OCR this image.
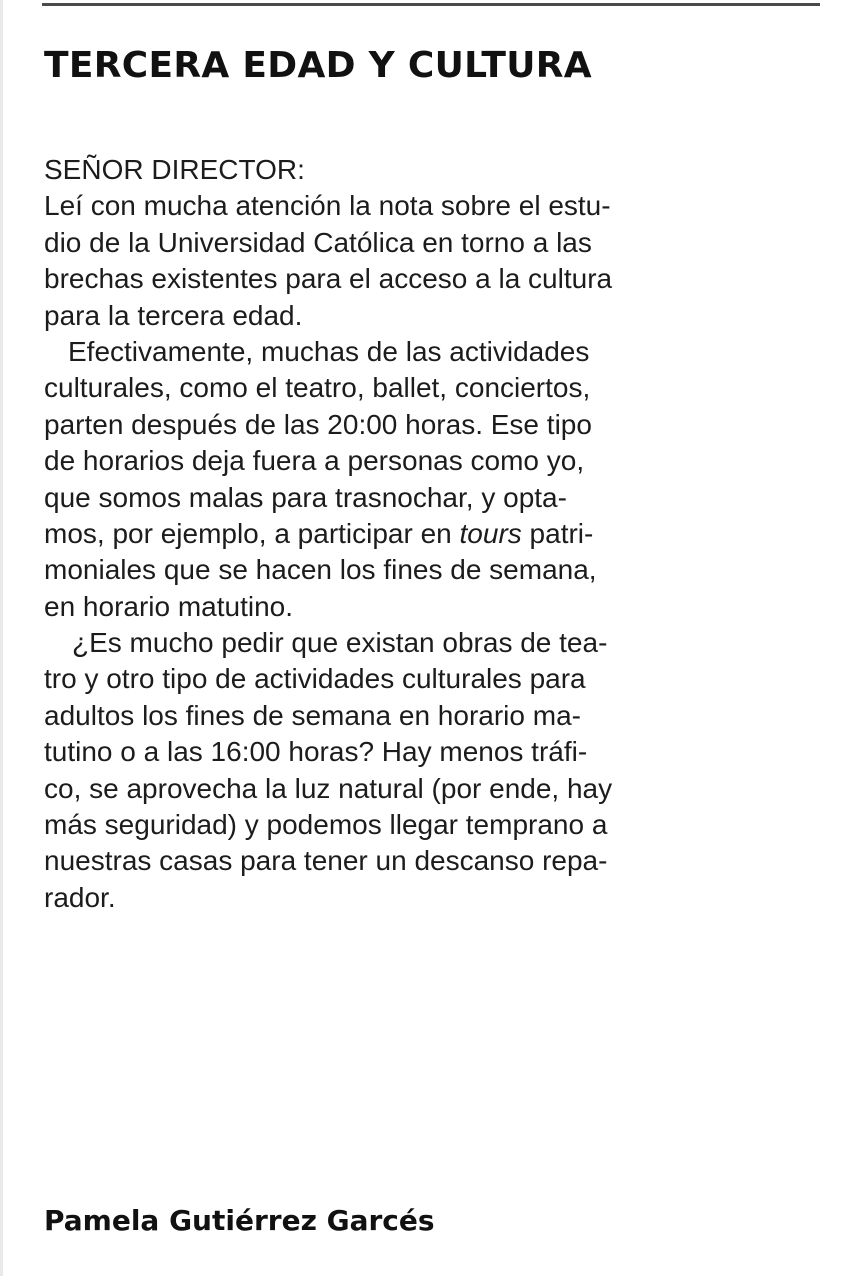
TERCERA EDAD Y CULTURA
SEÑOR DIRECTOR:
Leí con mucha atención la nota sobre el estu-
dio de la Universidad Católica en torno a las
brechas existentes para el acceso a la cultura
para la tercera edad.
Efectivamente, muchas de las actividades
culturales, como el teatro, ballet, conciertos,
parten después de las 20:00 horas. Ese tipo
de horarios deja fuera a personas como yo,
que somos malas para trasnochar, y opta-
mos, por ejemplo, a participar en tours patri-
moniales que se hacen los fines de semana,
en horario matutino.
¿Es mucho pedir que existan obras de tea-
tro y otro tipo de actividades culturales para
adultos los fines de semana en horario ma-
tutino o a las 16:00 horas? Hay menos tráfi-
co, se aprovecha la luz natural (por ende, hay
más seguridad) y podemos llegar temprano a
nuestras casas para tener un descanso repa-
rador.

Pamela Gutiérrez Garcés
